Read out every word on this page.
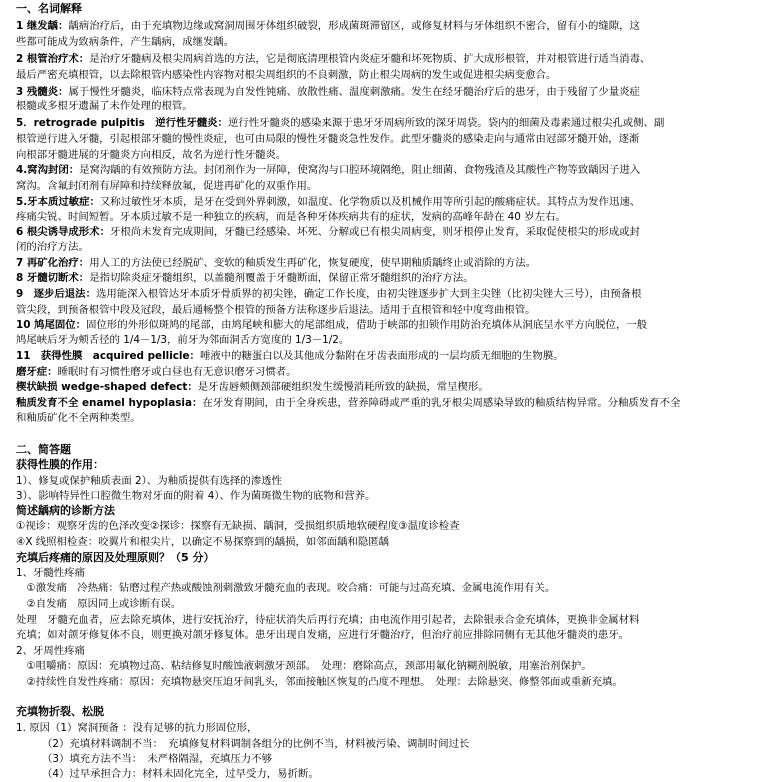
一、名词解释
1 继发龋：龋病治疗后，由于充填物边缘或窝洞周围牙体组织破裂，形成菌斑滞留区，或修复材料与牙体组织不密合，留有小的缝隙，这
些都可能成为致病条件，产生龋病，成继发龋。
2 根管治疗术：是治疗牙髓病及根尖周病首选的方法，它是彻底清理根管内炎症牙髓和坏死物质、扩大成形根管，并对根管进行适当消毒、
最后严密充填根管，以去除根管内感染性内容物对根尖周组织的不良刺激，防止根尖周病的发生或促进根尖病变愈合。
3 残髓炎：属于慢性牙髓炎，临床特点常表现为自发性钝痛、放散性痛、温度刺激痛。发生在经牙髓治疗后的患牙，由于残留了少量炎症
根髓或多根牙遗漏了未作处理的根管。
5．retrograde pulpitis　逆行性牙髓炎：逆行性牙髓炎的感染来源于患牙牙周病所致的深牙周袋。袋内的细菌及毒素通过根尖孔或侧、副
根管逆行进入牙髓，引起根部牙髓的慢性炎症，也可由局限的慢性牙髓炎急性发作。此型牙髓炎的感染走向与通常由冠部牙髓开始，逐渐
向根部牙髓进展的牙髓炎方向相反，故名为逆行性牙髓炎。
4.窝沟封闭：是窝沟龋的有效预防方法。封闭剂作为一屏障，使窝沟与口腔环境隔绝，阻止细菌、食物残渣及其酸性产物等致龋因子进入
窝沟。含氟封闭剂有屏障和持续释放氟，促进再矿化的双重作用。
5.牙本质过敏症：又称过敏性牙本质，是牙在受到外界刺激，如温度、化学物质以及机械作用等所引起的酸痛症状。其特点为发作迅速、
疼痛尖锐、时间短暂。牙本质过敏不是一种独立的疾病，而是各种牙体疾病共有的症状，发病的高峰年龄在 40 岁左右。
6 根尖诱导成形术：牙根尚未发育完成期间，牙髓已经感染、坏死、分解或已有根尖周病变，则牙根停止发育，采取促使根尖的形成或封
闭的治疗方法。
7 再矿化治疗：用人工的方法使已经脱矿、变软的釉质发生再矿化，恢复硬度，使早期釉质龋终止或消除的方法。
8 牙髓切断术：是指切除炎症牙髓组织，以盖髓剂覆盖于牙髓断面，保留正常牙髓组织的治疗方法。
9　逐步后退法：选用能深入根管达牙本质牙骨质界的初尖锉，确定工作长度，由初尖锉逐步扩大到主尖锉（比初尖锉大三号），由预备根
管尖段，到预备根管中段及冠段，最后通畅整个根管的预备方法称逐步后退法。适用于直根管和轻中度弯曲根管。
10 鸠尾固位：固位形的外形似斑鸠的尾部，由鸠尾峡和膨大的尾部组成，借助于峡部的扣锁作用防治充填体从洞底呈水平方向脱位，一般
鸠尾峡后牙为颊舌径的 1/4－1/3，前牙为邻面洞舌方宽度的 1/3－1/2。
11　获得性膜　acquired pellicle：唾液中的糖蛋白以及其他成分黏附在牙齿表面形成的一层均质无细胞的生物膜。
磨牙症：睡眠时有习惯性磨牙或白昼也有无意识磨牙习惯者。
楔状缺损 wedge-shaped defect：是牙齿唇颊侧颈部硬组织发生缓慢消耗所致的缺损，常呈楔形。
釉质发育不全 enamel hypoplasia：在牙发育期间，由于全身疾患，营养障碍或严重的乳牙根尖周感染导致的釉质结构异常。分釉质发育不全
和釉质矿化不全两种类型。
二、简答题
获得性膜的作用：
1）、修复或保护釉质表面 2）、为釉质提供有选择的渗透性
3）、影响特异性口腔微生物对牙面的附着 4）、作为菌斑微生物的底物和营养。
简述龋病的诊断方法
①视诊：观察牙齿的色泽改变②探诊：探察有无缺损、龋洞，受损组织质地软硬程度③温度诊检查
④X 线照相检查：咬翼片和根尖片，以确定不易探察到的龋损，如邻面龋和隐匿龋
充填后疼痛的原因及处理原则？（5 分）
1、牙髓性疼痛
　①激发痛　冷热痛：钻磨过程产热或酸蚀剂刺激致牙髓充血的表现。咬合痛：可能与过高充填、金属电流作用有关。
　②自发痛　原因同上或诊断有误。
处理　牙髓充血者，应去除充填体，进行安抚治疗，待症状消失后再行充填；由电流作用引起者，去除银汞合金充填体，更换非金属材料
充填；如对颌牙修复体不良，则更换对颌牙修复体。患牙出现自发痛，应进行牙髓治疗，但治疗前应排除同侧有无其他牙髓炎的患牙。
2、牙周性疼痛
　①咀嚼痛：原因：充填物过高、粘结修复时酸蚀液刺激牙颈部。　处理：磨除高点，颈部用氟化钠糊剂脱敏，用塞治剂保护。
　②持续性自发性疼痛：原因：充填物悬突压迫牙间乳头，邻面接触区恢复的凸度不理想。　处理：去除悬突、修整邻面或重新充填。
充填物折裂、松脱
1. 原因（1）窝洞预备 ：没有足够的抗力形固位形，
　　　（2）充填材料调制不当：　充填修复材料调制各组分的比例不当，材料被污染、调制时间过长
　　　（3）填充方法不当：　未严格隔湿，充填压力不够
　　　（4）过早承担合力：材料未固化完全，过早受力，易折断。
